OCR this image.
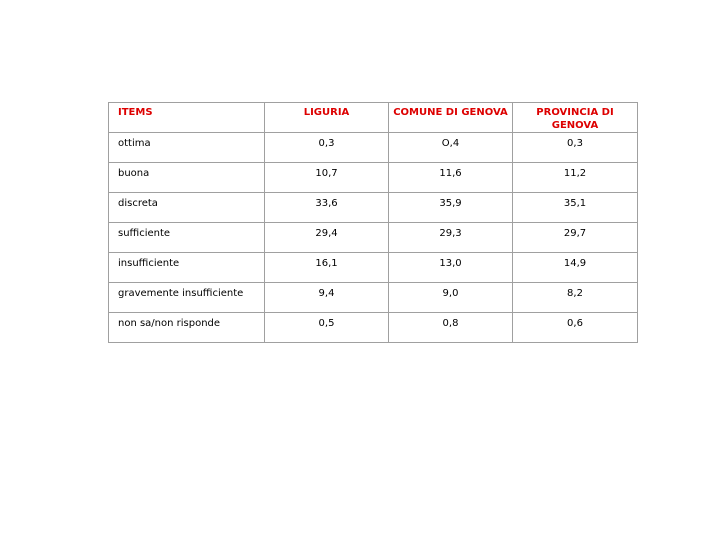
ITEMS	LIGURIA	COMUNE DI GENOVA	PROVINCIA DI GENOVA
ottima	0,3	O,4	0,3
buona	10,7	11,6	11,2
discreta	33,6	35,9	35,1
sufficiente	29,4	29,3	29,7
insufficiente	16,1	13,0	14,9
gravemente insufficiente	9,4	9,0	8,2
non sa/non risponde	0,5	0,8	0,6
